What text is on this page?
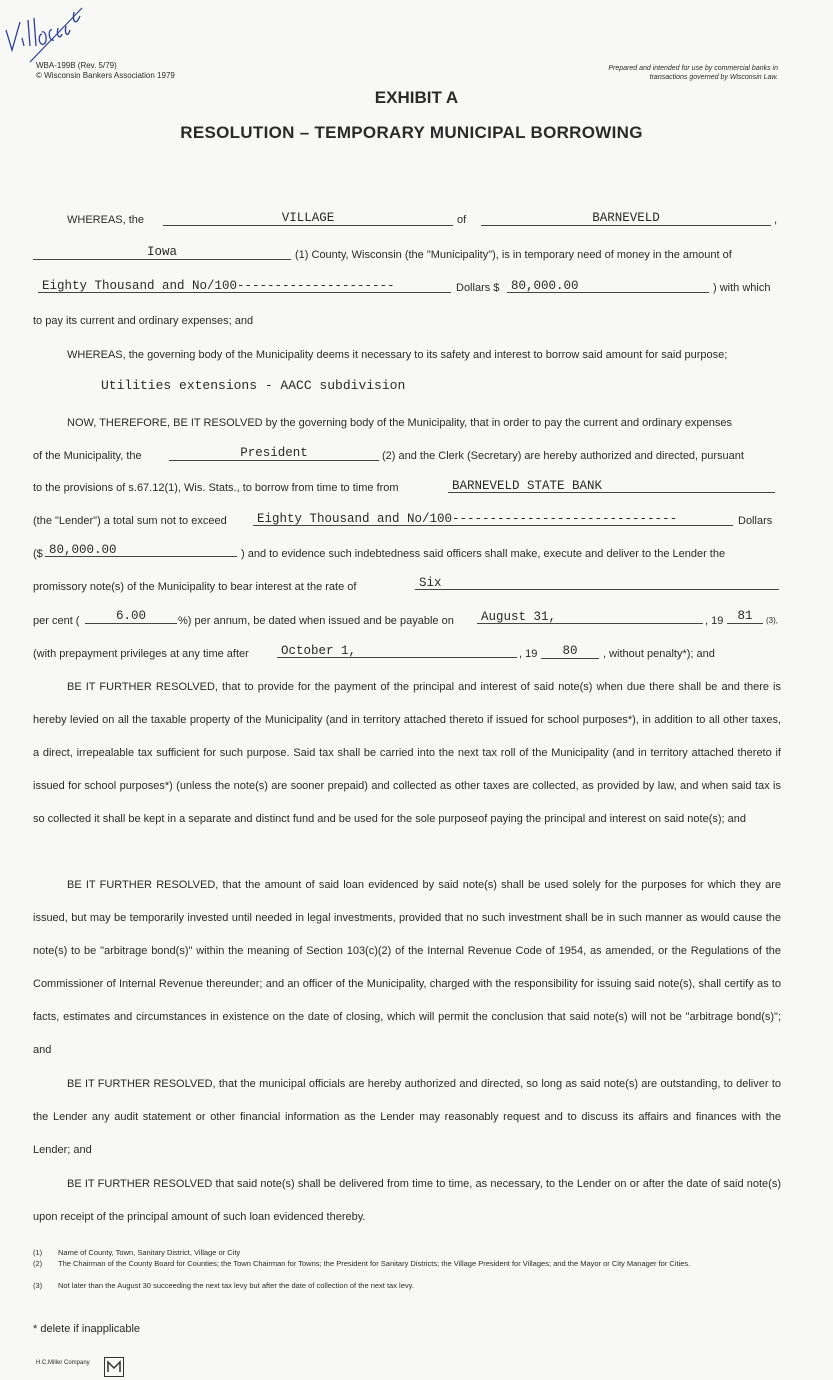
WBA-199B (Rev. 5/79)
© Wisconsin Bankers Association 1979
Prepared and intended for use by commercial banks in transactions governed by Wisconsin Law.
EXHIBIT A
RESOLUTION – TEMPORARY MUNICIPAL BORROWING
WHEREAS, the	VILLAGE	of	BARNEVELD	,
Iowa	(1) County, Wisconsin (the "Municipality"), is in temporary need of money in the amount of
Eighty Thousand and No/100---------------------	Dollars $ 80,000.00	) with which
to pay its current and ordinary expenses; and
WHEREAS, the governing body of the Municipality deems it necessary to its safety and interest to borrow said amount for said purpose;
Utilities extensions - AACC subdivision
NOW, THEREFORE, BE IT RESOLVED by the governing body of the Municipality, that in order to pay the current and ordinary expenses
of the Municipality, the	President	(2) and the Clerk (Secretary) are hereby authorized and directed, pursuant
to the provisions of s.67.12(1), Wis. Stats., to borrow from time to time from	BARNEVELD STATE BANK
(the "Lender") a total sum not to exceed	Eighty Thousand and No/100------------------------------	Dollars
($ 80,000.00	) and to evidence such indebtedness said officers shall make, execute and deliver to the Lender the
promissory note(s) of the Municipality to bear interest at the rate of	Six
per cent (	6.00	%) per annum, be dated when issued and be payable on	August 31,	, 19	81	(3),
(with prepayment privileges at any time after	October 1,	, 19	80	, without penalty*); and
BE IT FURTHER RESOLVED, that to provide for the payment of the principal and interest of said note(s) when due there shall be and there is hereby levied on all the taxable property of the Municipality (and in territory attached thereto if issued for school purposes*), in addition to all other taxes, a direct, irrepealable tax sufficient for such purpose. Said tax shall be carried into the next tax roll of the Municipality (and in territory attached thereto if issued for school purposes*) (unless the note(s) are sooner prepaid) and collected as other taxes are collected, as provided by law, and when said tax is so collected it shall be kept in a separate and distinct fund and be used for the sole purposeof paying the principal and interest on said note(s); and
BE IT FURTHER RESOLVED, that the amount of said loan evidenced by said note(s) shall be used solely for the purposes for which they are issued, but may be temporarily invested until needed in legal investments, provided that no such investment shall be in such manner as would cause the note(s) to be "arbitrage bond(s)" within the meaning of Section 103(c)(2) of the Internal Revenue Code of 1954, as amended, or the Regulations of the Commissioner of Internal Revenue thereunder; and an officer of the Municipality, charged with the responsibility for issuing said note(s), shall certify as to facts, estimates and circumstances in existence on the date of closing, which will permit the conclusion that said note(s) will not be "arbitrage bond(s)"; and
BE IT FURTHER RESOLVED, that the municipal officials are hereby authorized and directed, so long as said note(s) are outstanding, to deliver to the Lender any audit statement or other financial information as the Lender may reasonably request and to discuss its affairs and finances with the Lender; and
BE IT FURTHER RESOLVED that said note(s) shall be delivered from time to time, as necessary, to the Lender on or after the date of said note(s) upon receipt of the principal amount of such loan evidenced thereby.
(1) Name of County, Town, Sanitary District, Village or City
(2) The Chairman of the County Board for Counties; the Town Chairman for Towns; the President for Sanitary Districts; the Village President for Villages; and the Mayor or City Manager for Cities.
(3) Not later than the August 30 succeeding the next tax levy but after the date of collection of the next tax levy.
* delete if inapplicable
H.C.Miller Company
